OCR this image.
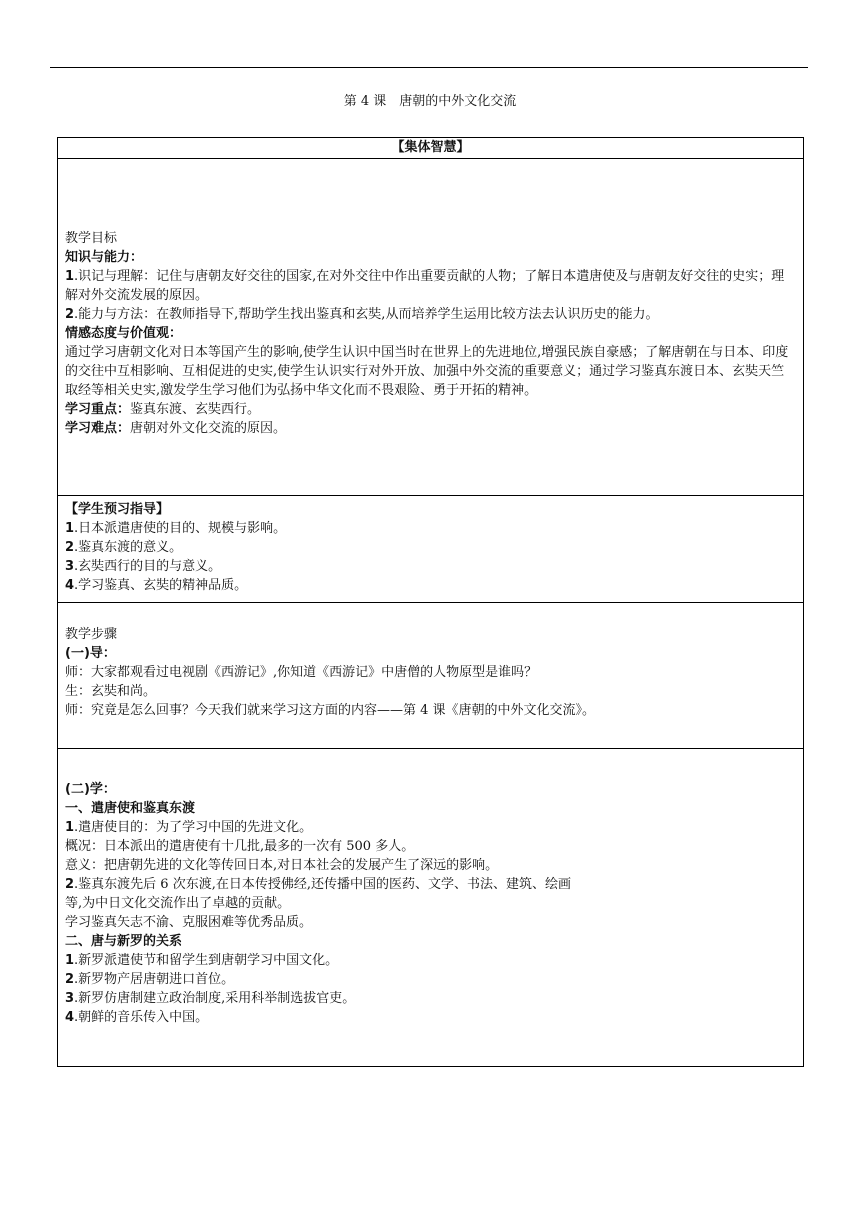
第 4 课　唐朝的中外文化交流
【集体智慧】

教学目标

知识与能力：

1.识记与理解：记住与唐朝友好交往的国家,在对外交往中作出重要贡献的人物；了解日本遣唐使及与唐朝友好交往的史实；理解对外交流发展的原因。

2.能力与方法：在教师指导下,帮助学生找出鉴真和玄奘,从而培养学生运用比较方法去认识历史的能力。

情感态度与价值观：

通过学习唐朝文化对日本等国产生的影响,使学生认识中国当时在世界上的先进地位,增强民族自豪感；了解唐朝在与日本、印度的交往中互相影响、互相促进的史实,使学生认识实行对外开放、加强中外交流的重要意义；通过学习鉴真东渡日本、玄奘天竺取经等相关史实,激发学生学习他们为弘扬中华文化而不畏艰险、勇于开拓的精神。

学习重点：鉴真东渡、玄奘西行。

学习难点：唐朝对外文化交流的原因。

【学生预习指导】

1.日本派遣唐使的目的、规模与影响。

2.鉴真东渡的意义。

3.玄奘西行的目的与意义。

4.学习鉴真、玄奘的精神品质。

教学步骤

(一)导：

师：大家都观看过电视剧《西游记》,你知道《西游记》中唐僧的人物原型是谁吗？

生：玄奘和尚。

师：究竟是怎么回事？今天我们就来学习这方面的内容——第 4 课《唐朝的中外文化交流》。

(二)学：

一、遣唐使和鉴真东渡

1.遣唐使目的：为了学习中国的先进文化。

概况：日本派出的遣唐使有十几批,最多的一次有 500 多人。

意义：把唐朝先进的文化等传回日本,对日本社会的发展产生了深远的影响。

2.鉴真东渡先后 6 次东渡,在日本传授佛经,还传播中国的医药、文学、书法、建筑、绘画

等,为中日文化交流作出了卓越的贡献。

学习鉴真矢志不渝、克服困难等优秀品质。

二、唐与新罗的关系

1.新罗派遣使节和留学生到唐朝学习中国文化。

2.新罗物产居唐朝进口首位。

3.新罗仿唐制建立政治制度,采用科举制选拔官吏。

4.朝鲜的音乐传入中国。
